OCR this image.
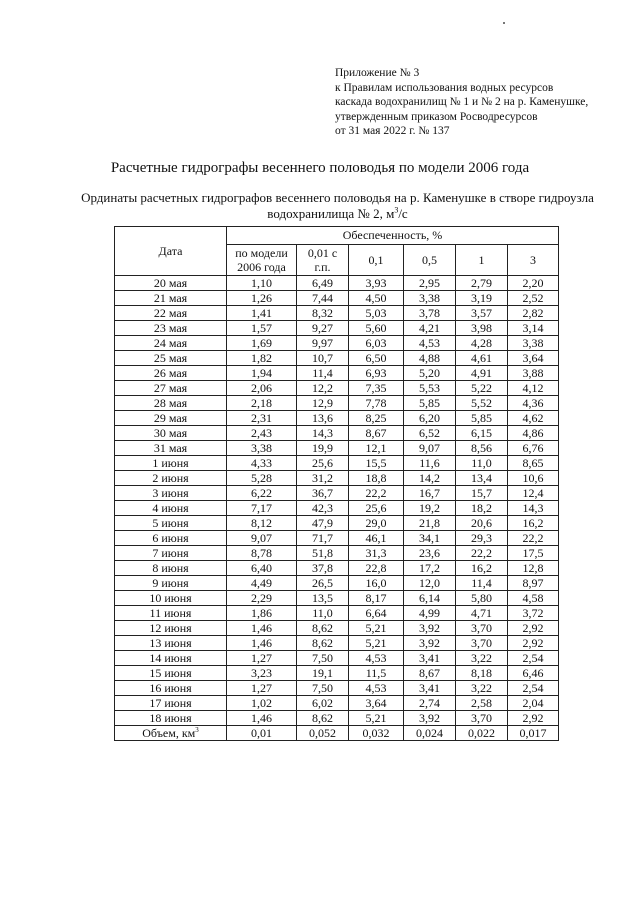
Приложение № 3
к Правилам использования водных ресурсов
каскада водохранилищ № 1 и № 2 на р. Каменушке,
утвержденным приказом Росводресурсов
от 31 мая 2022 г. № 137
Расчетные гидрографы весеннего половодья по модели 2006 года
Ординаты расчетных гидрографов весеннего половодья на р. Каменушке в створе гидроузла
водохранилища № 2, $м^3/с$
Дата	Обеспеченность, %					
	по модели 2006 года	0,01 с г.п.	0,1	0,5	1	3
20 мая	1,10	6,49	3,93	2,95	2,79	2,20
21 мая	1,26	7,44	4,50	3,38	3,19	2,52
22 мая	1,41	8,32	5,03	3,78	3,57	2,82
23 мая	1,57	9,27	5,60	4,21	3,98	3,14
24 мая	1,69	9,97	6,03	4,53	4,28	3,38
25 мая	1,82	10,7	6,50	4,88	4,61	3,64
26 мая	1,94	11,4	6,93	5,20	4,91	3,88
27 мая	2,06	12,2	7,35	5,53	5,22	4,12
28 мая	2,18	12,9	7,78	5,85	5,52	4,36
29 мая	2,31	13,6	8,25	6,20	5,85	4,62
30 мая	2,43	14,3	8,67	6,52	6,15	4,86
31 мая	3,38	19,9	12,1	9,07	8,56	6,76
1 июня	4,33	25,6	15,5	11,6	11,0	8,65
2 июня	5,28	31,2	18,8	14,2	13,4	10,6
3 июня	6,22	36,7	22,2	16,7	15,7	12,4
4 июня	7,17	42,3	25,6	19,2	18,2	14,3
5 июня	8,12	47,9	29,0	21,8	20,6	16,2
6 июня	9,07	71,7	46,1	34,1	29,3	22,2
7 июня	8,78	51,8	31,3	23,6	22,2	17,5
8 июня	6,40	37,8	22,8	17,2	16,2	12,8
9 июня	4,49	26,5	16,0	12,0	11,4	8,97
10 июня	2,29	13,5	8,17	6,14	5,80	4,58
11 июня	1,86	11,0	6,64	4,99	4,71	3,72
12 июня	1,46	8,62	5,21	3,92	3,70	2,92
13 июня	1,46	8,62	5,21	3,92	3,70	2,92
14 июня	1,27	7,50	4,53	3,41	3,22	2,54
15 июня	3,23	19,1	11,5	8,67	8,18	6,46
16 июня	1,27	7,50	4,53	3,41	3,22	2,54
17 июня	1,02	6,02	3,64	2,74	2,58	2,04
18 июня	1,46	8,62	5,21	3,92	3,70	2,92
Объем, $км^3$	0,01	0,052	0,032	0,024	0,022	0,017
